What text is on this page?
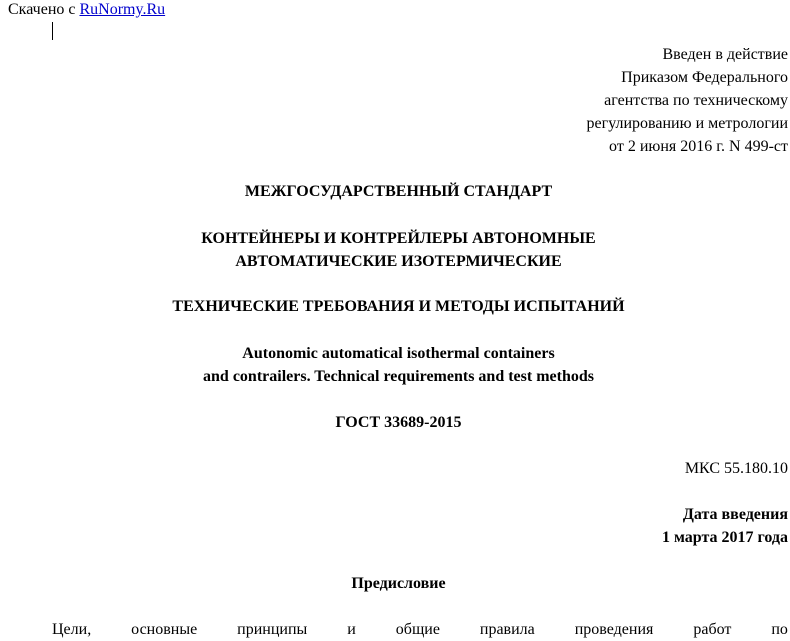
Скачено с RuNormy.Ru
Введен в действие
Приказом Федерального
агентства по техническому
регулированию и метрологии
от 2 июня 2016 г. N 499-ст
МЕЖГОСУДАРСТВЕННЫЙ СТАНДАРТ
КОНТЕЙНЕРЫ И КОНТРЕЙЛЕРЫ АВТОНОМНЫЕ
АВТОМАТИЧЕСКИЕ ИЗОТЕРМИЧЕСКИЕ
ТЕХНИЧЕСКИЕ ТРЕБОВАНИЯ И МЕТОДЫ ИСПЫТАНИЙ
Autonomic automatical isothermal containers
and contrailers. Technical requirements and test methods
ГОСТ 33689-2015
МКС 55.180.10
Дата введения
1 марта 2017 года
Предисловие
Цели, основные принципы и общие правила проведения работ по
